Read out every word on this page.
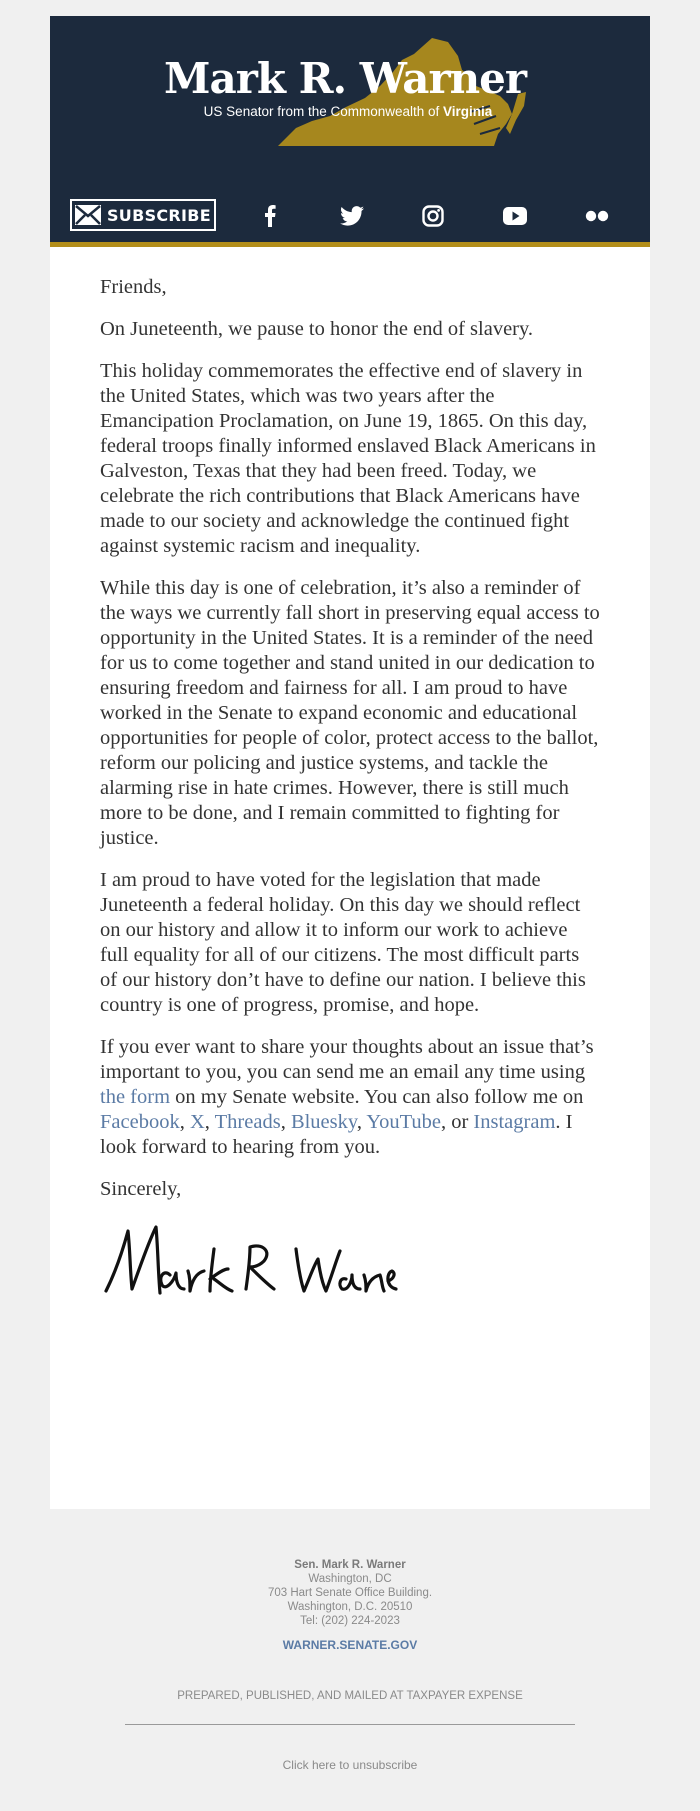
Mark R. Warner
US Senator from the Commonwealth of Virginia
SUBSCRIBE

Friends,

On Juneteenth, we pause to honor the end of slavery.

This holiday commemorates the effective end of slavery in the United States, which was two years after the Emancipation Proclamation, on June 19, 1865. On this day, federal troops finally informed enslaved Black Americans in Galveston, Texas that they had been freed. Today, we celebrate the rich contributions that Black Americans have made to our society and acknowledge the continued fight against systemic racism and inequality.

While this day is one of celebration, it’s also a reminder of the ways we currently fall short in preserving equal access to opportunity in the United States. It is a reminder of the need for us to come together and stand united in our dedication to ensuring freedom and fairness for all. I am proud to have worked in the Senate to expand economic and educational opportunities for people of color, protect access to the ballot, reform our policing and justice systems, and tackle the alarming rise in hate crimes. However, there is still much more to be done, and I remain committed to fighting for justice.

I am proud to have voted for the legislation that made Juneteenth a federal holiday. On this day we should reflect on our history and allow it to inform our work to achieve full equality for all of our citizens. The most difficult parts of our history don’t have to define our nation. I believe this country is one of progress, promise, and hope.

If you ever want to share your thoughts about an issue that’s important to you, you can send me an email any time using the form on my Senate website. You can also follow me on Facebook, X, Threads, Bluesky, YouTube, or Instagram. I look forward to hearing from you.

Sincerely,

Sen. Mark R. Warner
Washington, DC
703 Hart Senate Office Building.
Washington, D.C. 20510
Tel: (202) 224-2023
WARNER.SENATE.GOV
PREPARED, PUBLISHED, AND MAILED AT TAXPAYER EXPENSE
Click here to unsubscribe
